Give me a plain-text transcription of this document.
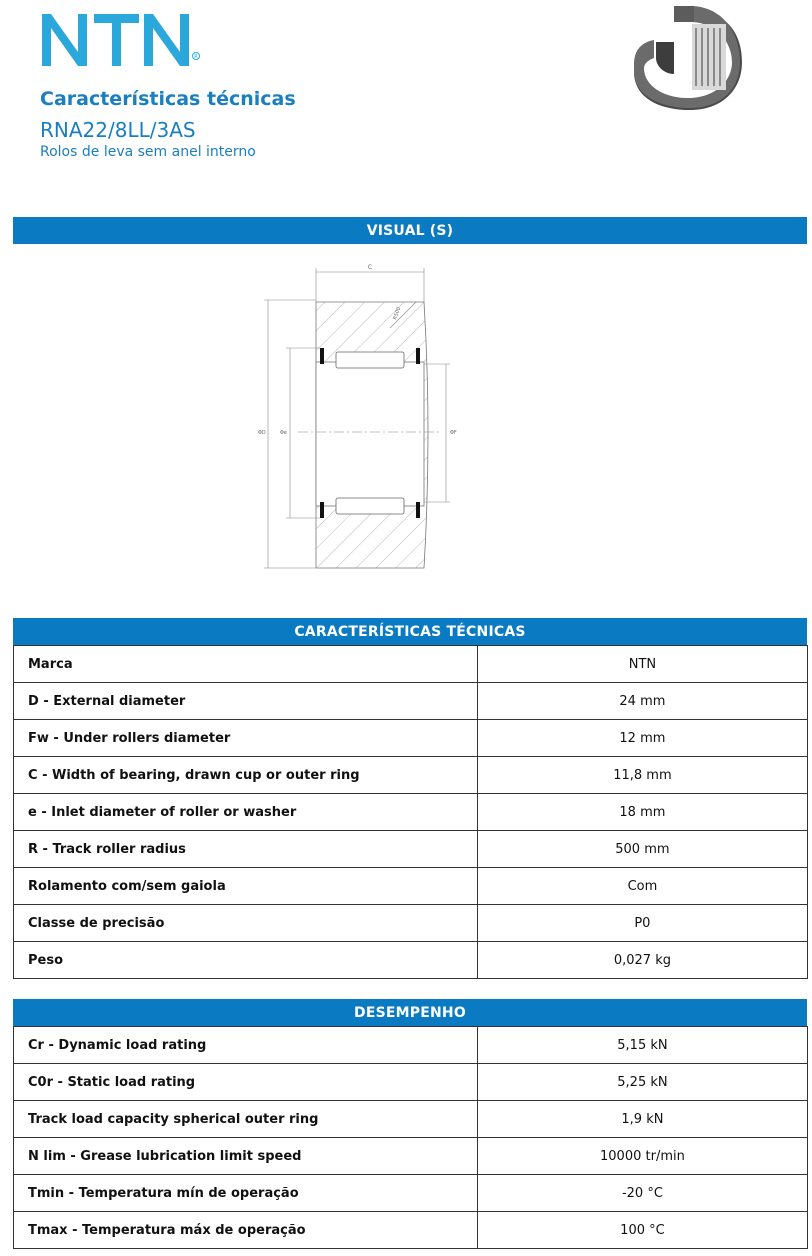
R
Características técnicas
RNA22/8LL/3AS
Rolos de leva sem anel interno
VISUAL (S)
C
R500
ΦD	Φe	ΦF
CARACTERÍSTICAS TÉCNICAS
Marca	NTN
D - External diameter	24 mm
Fw - Under rollers diameter	12 mm
C - Width of bearing, drawn cup or outer ring	11,8 mm
e - Inlet diameter of roller or washer	18 mm
R - Track roller radius	500 mm
Rolamento com/sem gaiola	Com
Classe de precisão	P0
Peso	0,027 kg
DESEMPENHO
Cr - Dynamic load rating	5,15 kN
C0r - Static load rating	5,25 kN
Track load capacity spherical outer ring	1,9 kN
N lim - Grease lubrication limit speed	10000 tr/min
Tmin - Temperatura mín de operação	-20 °C
Tmax - Temperatura máx de operação	100 °C
